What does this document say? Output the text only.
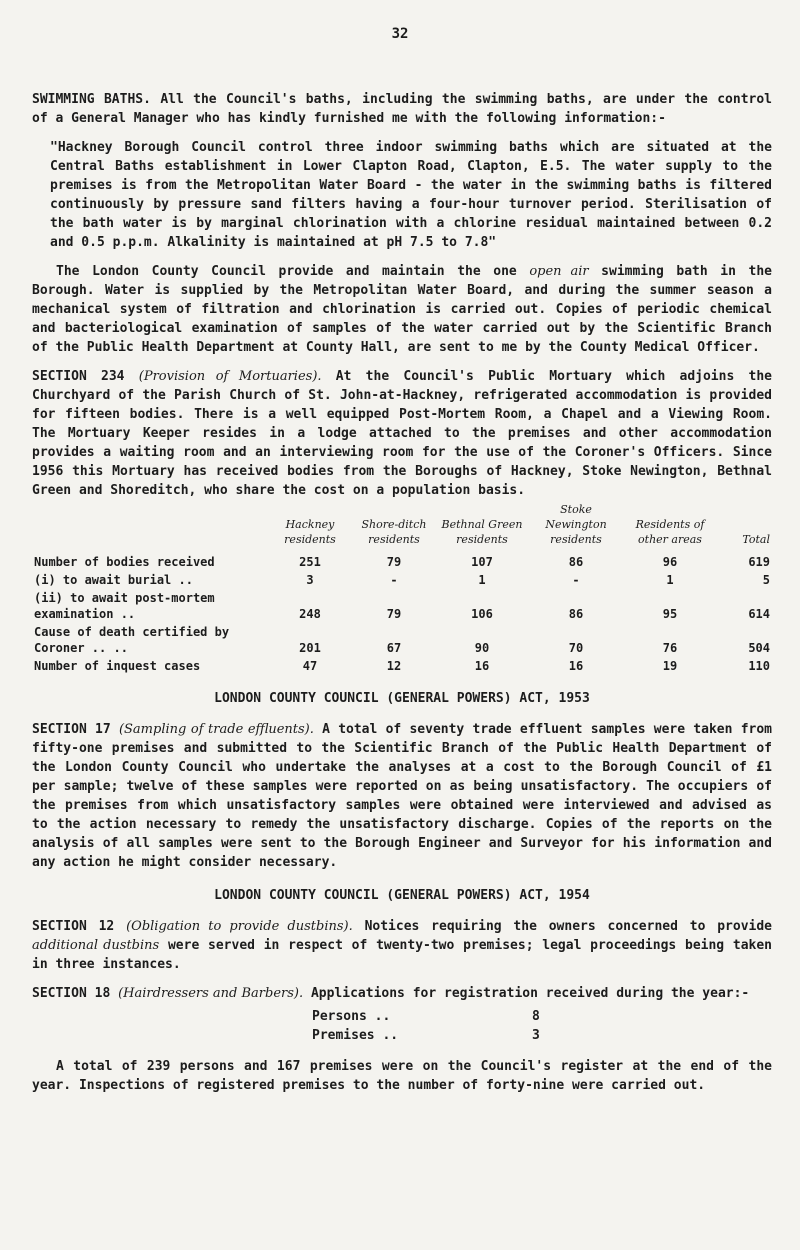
32

SWIMMING BATHS. All the Council's baths, including the swimming baths, are under the control of a General Manager who has kindly furnished me with the following information:-

"Hackney Borough Council control three indoor swimming baths which are situated at the Central Baths establishment in Lower Clapton Road, Clapton, E.5. The water supply to the premises is from the Metropolitan Water Board - the water in the swimming baths is filtered continuously by pressure sand filters having a four-hour turnover period. Sterilisation of the bath water is by marginal chlorination with a chlorine residual maintained between 0.2 and 0.5 p.p.m. Alkalinity is maintained at pH 7.5 to 7.8"

The London County Council provide and maintain the one open air swimming bath in the Borough. Water is supplied by the Metropolitan Water Board, and during the summer season a mechanical system of filtration and chlorination is carried out. Copies of periodic chemical and bacteriological examination of samples of the water carried out by the Scientific Branch of the Public Health Department at County Hall, are sent to me by the County Medical Officer.

SECTION 234 (Provision of Mortuaries). At the Council's Public Mortuary which adjoins the Churchyard of the Parish Church of St. John-at-Hackney, refrigerated accommodation is provided for fifteen bodies. There is a well equipped Post-Mortem Room, a Chapel and a Viewing Room. The Mortuary Keeper resides in a lodge attached to the premises and other accommodation provides a waiting room and an interviewing room for the use of the Coroner's Officers. Since 1956 this Mortuary has received bodies from the Boroughs of Hackney, Stoke Newington, Bethnal Green and Shoreditch, who share the cost on a population basis.

	Hackney residents	Shore-ditch residents	Bethnal Green residents	Stoke Newington residents	Residents of other areas	Total
Number of bodies received	251	79	107	86	96	619
(i) to await burial ..	3	-	1	-	1	5
(ii) to await post-mortem examination ..	248	79	106	86	95	614
Cause of death certified by Coroner .. ..	201	67	90	70	76	504
Number of inquest cases	47	12	16	16	19	110
LONDON COUNTY COUNCIL (GENERAL POWERS) ACT, 1953

SECTION 17 (Sampling of trade effluents). A total of seventy trade effluent samples were taken from fifty-one premises and submitted to the Scientific Branch of the Public Health Department of the London County Council who undertake the analyses at a cost to the Borough Council of £1 per sample; twelve of these samples were reported on as being unsatisfactory. The occupiers of the premises from which unsatisfactory samples were obtained were interviewed and advised as to the action necessary to remedy the unsatisfactory discharge. Copies of the reports on the analysis of all samples were sent to the Borough Engineer and Surveyor for his information and any action he might consider necessary.

LONDON COUNTY COUNCIL (GENERAL POWERS) ACT, 1954

SECTION 12 (Obligation to provide dustbins). Notices requiring the owners concerned to provide additional dustbins were served in respect of twenty-two premises; legal proceedings being taken in three instances.

SECTION 18 (Hairdressers and Barbers). Applications for registration received during the year:-

Persons ..	8
Premises ..	3

A total of 239 persons and 167 premises were on the Council's register at the end of the year. Inspections of registered premises to the number of forty-nine were carried out.
